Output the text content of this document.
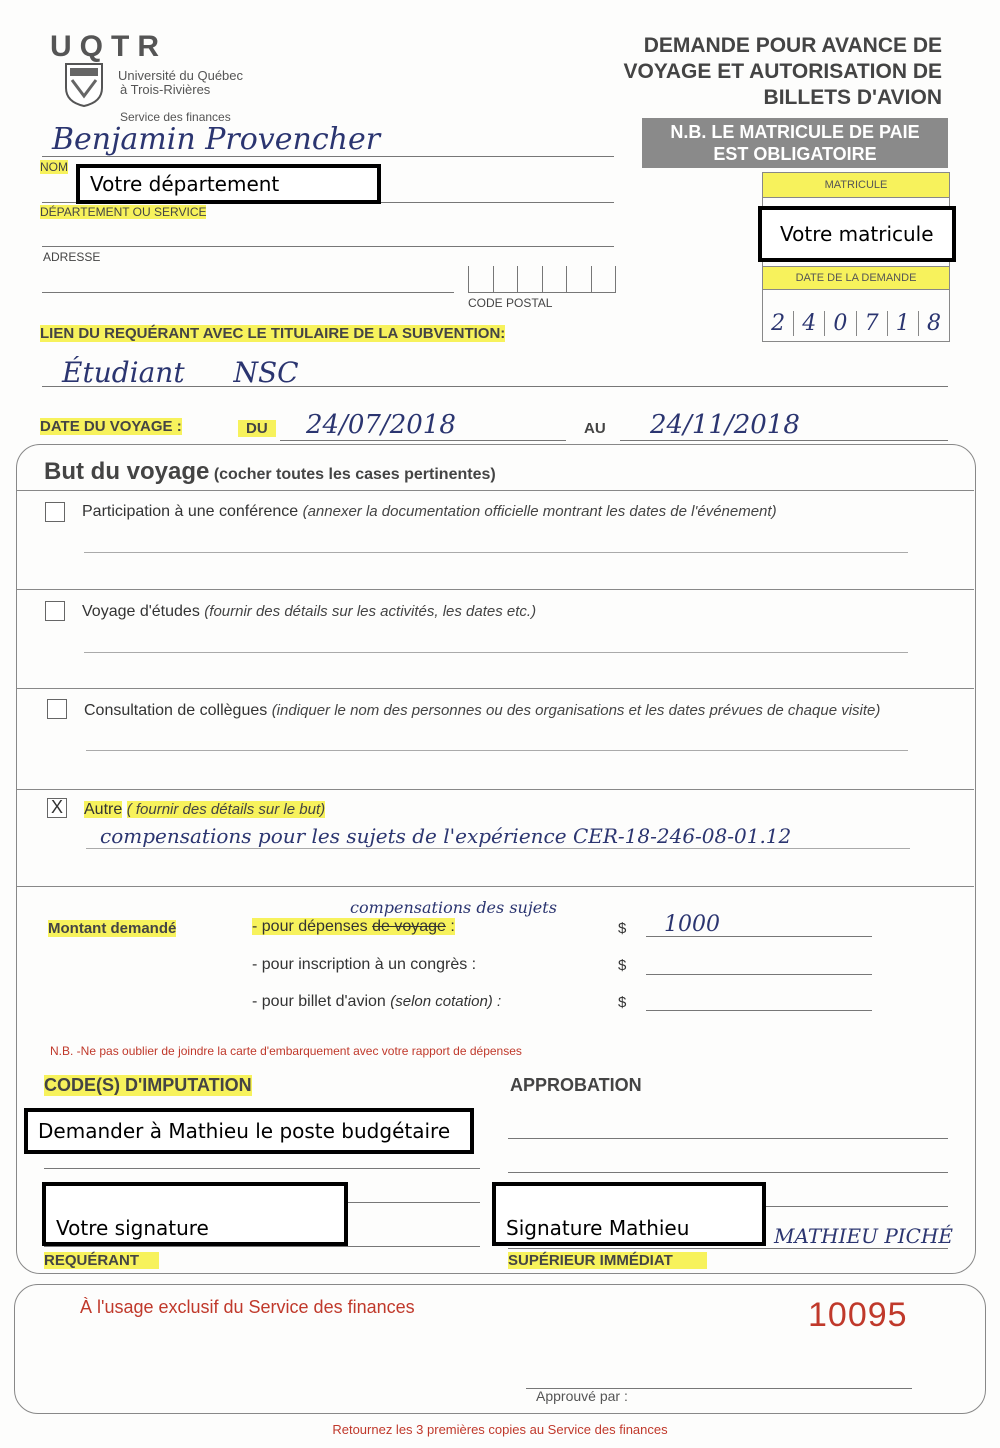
UQTR
Université du Québec
à Trois-Rivières
Service des finances
DEMANDE POUR AVANCE DE
VOYAGE ET AUTORISATION DE
BILLETS D'AVION
N.B. LE MATRICULE DE PAIE
EST OBLIGATOIRE
MATRICULE
DATE DE LA DEMANDE
2 4 0 7 1 8
Benjamin Provencher
NOM
DÉPARTEMENT OU SERVICE
ADRESSE
CODE POSTAL
LIEN DU REQUÉRANT AVEC LE TITULAIRE DE LA SUBVENTION:
Étudiant NSC
DATE DU VOYAGE :	DU	24/07/2018	AU 24/11/2018
But du voyage (cocher toutes les cases pertinentes)
Participation à une conférence (annexer la documentation officielle montrant les dates de l'événement)
Voyage d'études (fournir des détails sur les activités, les dates etc.)
Consultation de collègues (indiquer le nom des personnes ou des organisations et les dates prévues de chaque visite)
X Autre ( fournir des détails sur le but)
compensations pour les sujets de l'expérience CER-18-246-08-01.12
Montant demandé
compensations des sujets
- pour dépenses de voyage :	$ 1000
- pour inscription à un congrès :	$
- pour billet d'avion (selon cotation) :	$
N.B. -Ne pas oublier de joindre la carte d'embarquement avec votre rapport de dépenses
CODE(S) D'IMPUTATION	APPROBATION
REQUÉRANT
MATHIEU PICHÉ
SUPÉRIEUR IMMÉDIAT
Votre département
Votre matricule
Demander à Mathieu le poste budgétaire
Votre signature	Signature Mathieu
À l'usage exclusif du Service des finances	10095
Approuvé par :
Retournez les 3 premières copies au Service des finances
